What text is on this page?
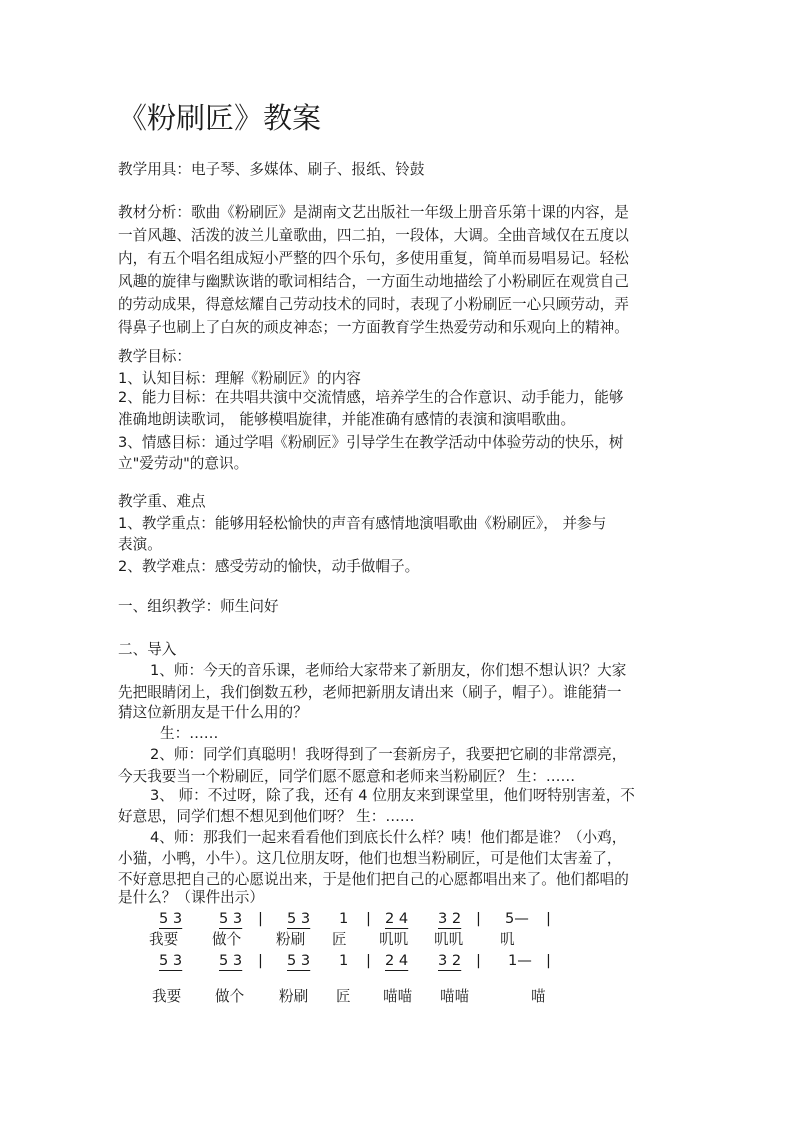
《粉刷匠》教案
教学用具：电子琴、多媒体、刷子、报纸、铃鼓
教材分析：歌曲《粉刷匠》是湖南文艺出版社一年级上册音乐第十课的内容，是
一首风趣、活泼的波兰儿童歌曲，四二拍，一段体，大调。全曲音域仅在五度以
内，有五个唱名组成短小严整的四个乐句，多使用重复，简单而易唱易记。轻松
风趣的旋律与幽默诙谐的歌词相结合，一方面生动地描绘了小粉刷匠在观赏自己
的劳动成果，得意炫耀自己劳动技术的同时，表现了小粉刷匠一心只顾劳动，弄
得鼻子也刷上了白灰的顽皮神态；一方面教育学生热爱劳动和乐观向上的精神。
教学目标：
1、认知目标：理解《粉刷匠》的内容
2、能力目标：在共唱共演中交流情感，培养学生的合作意识、动手能力，能够
准确地朗读歌词， 能够模唱旋律，并能准确有感情的表演和演唱歌曲。
3、情感目标：通过学唱《粉刷匠》引导学生在教学活动中体验劳动的快乐，树
立"爱劳动"的意识。
教学重、难点
1、教学重点：能够用轻松愉快的声音有感情地演唱歌曲《粉刷匠》， 并参与
表演。
2、教学难点：感受劳动的愉快，动手做帽子。
一、组织教学：师生问好
二、导入
1、师：今天的音乐课，老师给大家带来了新朋友，你们想不想认识？大家
先把眼睛闭上，我们倒数五秒，老师把新朋友请出来（刷子，帽子）。谁能猜一
猜这位新朋友是干什么用的？
生：……
2、师：同学们真聪明！我呀得到了一套新房子，我要把它刷的非常漂亮，
今天我要当一个粉刷匠，同学们愿不愿意和老师来当粉刷匠？ 生：……
3、 师：不过呀，除了我，还有 4 位朋友来到课堂里，他们呀特别害羞，不
好意思，同学们想不想见到他们呀？ 生：……
4、师：那我们一起来看看他们到底长什么样？咦！他们都是谁？（小鸡，
小猫，小鸭，小牛）。这几位朋友呀，他们也想当粉刷匠，可是他们太害羞了，
不好意思把自己的心愿说出来，于是他们把自己的心愿都唱出来了。他们都唱的
是什么？（课件出示）
5 3	5 3 | 5 3 1 | 2 4 3 2 | 5— |
我要 做个 粉刷 匠 叽叽 叽叽	叽
5 3	5 3 | 5 3 1 | 2 4 3 2 | 1— |
我要 做个 粉刷 匠 喵喵 喵喵	喵
